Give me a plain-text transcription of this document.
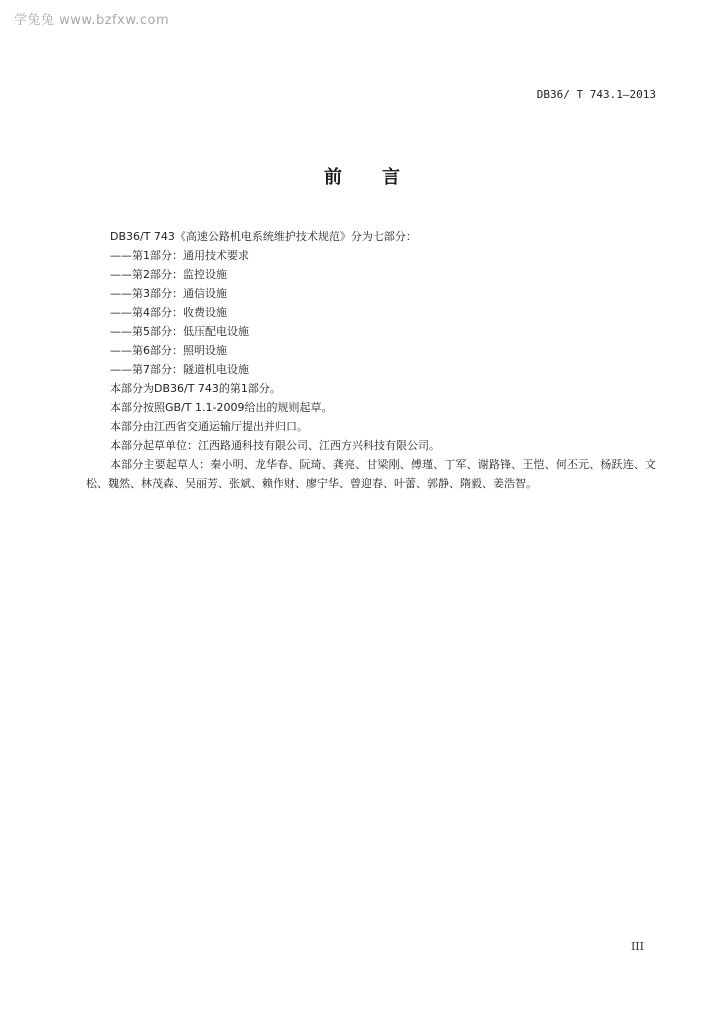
学兔兔 www.bzfxw.com
DB36/ T 743.1—2013
前言

DB36/T 743《高速公路机电系统维护技术规范》分为七部分：

——第1部分：通用技术要求

——第2部分：监控设施

——第3部分：通信设施

——第4部分：收费设施

——第5部分：低压配电设施

——第6部分：照明设施

——第7部分：隧道机电设施

本部分为DB36/T 743的第1部分。

本部分按照GB/T 1.1-2009给出的规则起草。

本部分由江西省交通运输厅提出并归口。

本部分起草单位：江西路通科技有限公司、江西方兴科技有限公司。

本部分主要起草人：秦小明、龙华春、阮琦、龚亮、甘梁刚、傅瑾、丁军、谢路锋、王恺、何丕元、杨跃连、文松、魏然、林茂森、吴丽芳、张斌、赖作财、廖宁华、曾迎春、叶蕾、郭静、隋毅、姜浩智。

III
